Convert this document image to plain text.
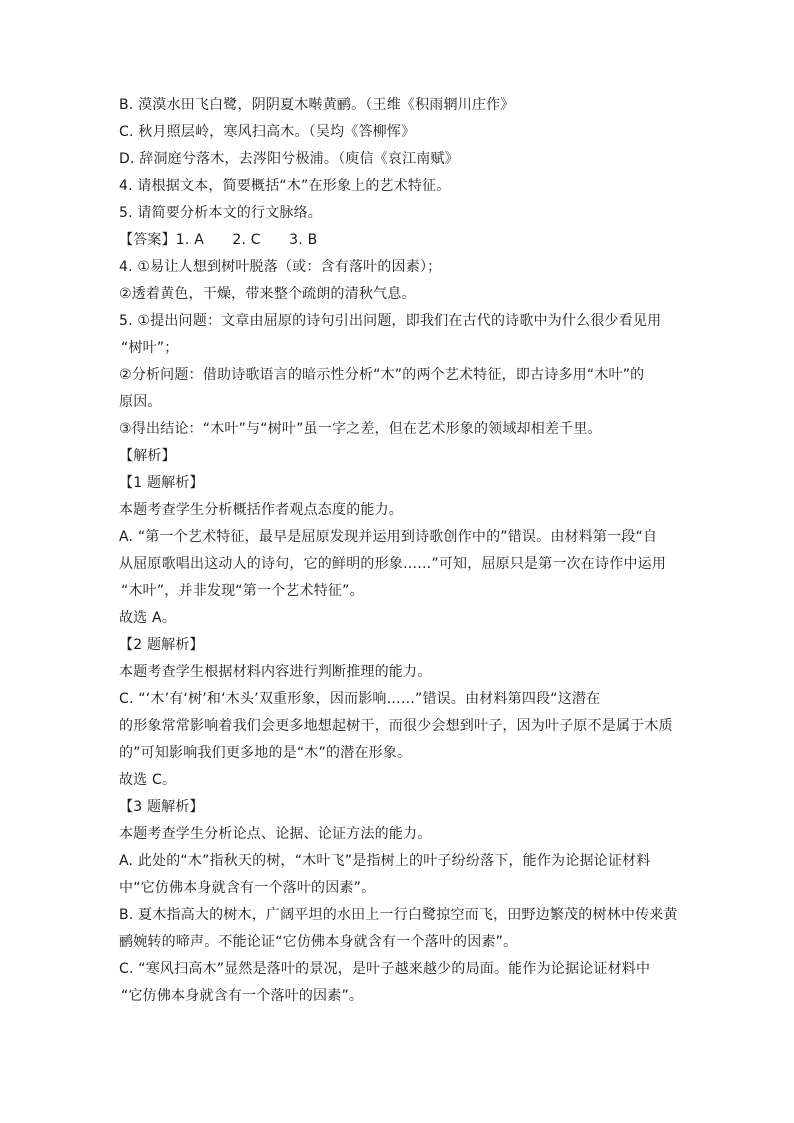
B. 漠漠水田飞白鹭，阴阴夏木啭黄鹂。（王维《积雨辋川庄作》
C. 秋月照层岭，寒风扫高木。（吴均《答柳恽》
D. 辞洞庭兮落木，去涔阳兮极浦。（庾信《哀江南赋》
4. 请根据文本，简要概括“木”在形象上的艺术特征。
5. 请简要分析本文的行文脉络。
【答案】1. A　　2. C　　3. B
4. ①易让人想到树叶脱落（或：含有落叶的因素）；
②透着黄色，干燥，带来整个疏朗的清秋气息。
5. ①提出问题：文章由屈原的诗句引出问题，即我们在古代的诗歌中为什么很少看见用
“树叶”；
②分析问题：借助诗歌语言的暗示性分析“木”的两个艺术特征，即古诗多用“木叶”的
原因。
③得出结论：“木叶”与“树叶”虽一字之差，但在艺术形象的领域却相差千里。
【解析】
【1 题解析】
本题考查学生分析概括作者观点态度的能力。
A. “第一个艺术特征，最早是屈原发现并运用到诗歌创作中的”错误。由材料第一段“自
从屈原歌唱出这动人的诗句，它的鲜明的形象……”可知，屈原只是第一次在诗作中运用
“木叶”，并非发现“第一个艺术特征”。
故选 A。
【2 题解析】
本题考查学生根据材料内容进行判断推理的能力。
C. “‘木’有‘树’和‘木头’双重形象，因而影响……”错误。由材料第四段“这潜在
的形象常常影响着我们会更多地想起树干，而很少会想到叶子，因为叶子原不是属于木质
的”可知影响我们更多地的是“木”的潜在形象。
故选 C。
【3 题解析】
本题考查学生分析论点、论据、论证方法的能力。
A. 此处的“木”指秋天的树，“木叶飞”是指树上的叶子纷纷落下，能作为论据论证材料
中“它仿佛本身就含有一个落叶的因素”。
B. 夏木指高大的树木，广阔平坦的水田上一行白鹭掠空而飞，田野边繁茂的树林中传来黄
鹂婉转的啼声。不能论证“它仿佛本身就含有一个落叶的因素”。
C. “寒风扫高木”显然是落叶的景况，是叶子越来越少的局面。能作为论据论证材料中
“它仿佛本身就含有一个落叶的因素”。
